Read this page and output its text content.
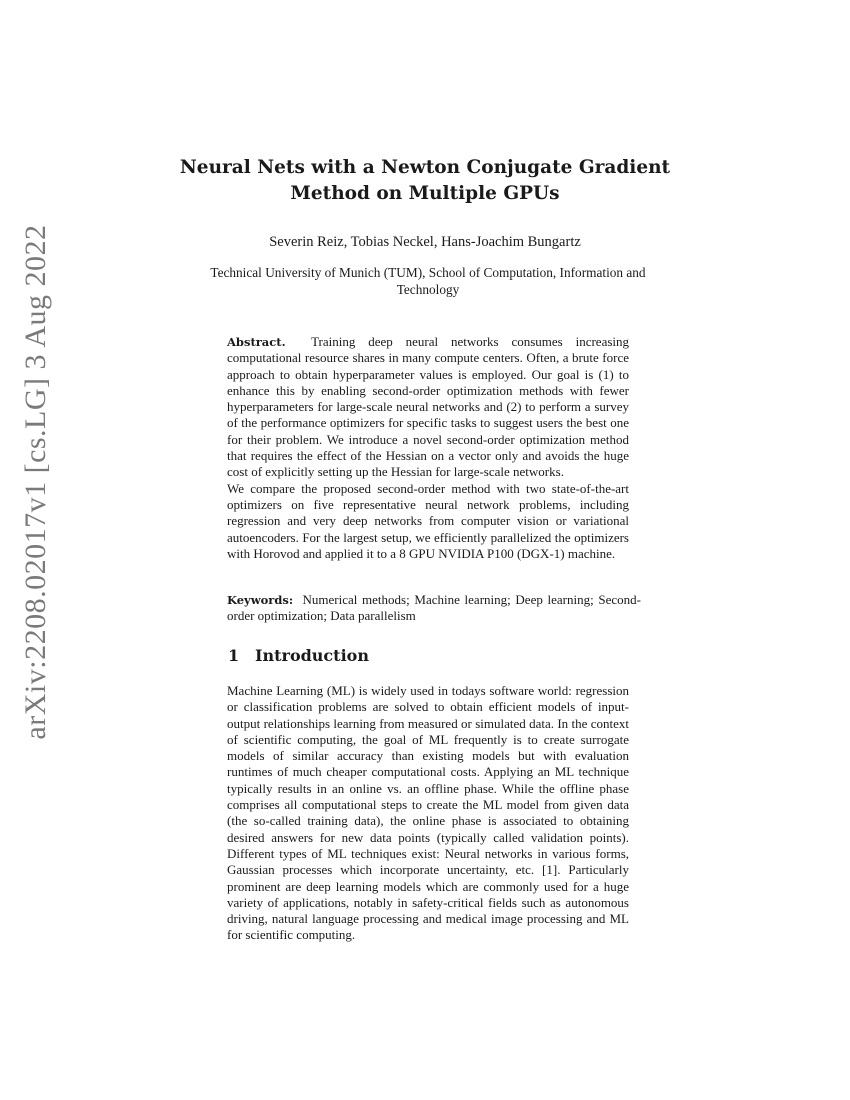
arXiv:2208.02017v1 [cs.LG] 3 Aug 2022
Neural Nets with a Newton Conjugate Gradient
Method on Multiple GPUs
Severin Reiz, Tobias Neckel, Hans-Joachim Bungartz
Technical University of Munich (TUM), School of Computation, Information and Technology

Abstract. Training deep neural networks consumes increasing computational resource shares in many compute centers. Often, a brute force approach to obtain hyperparameter values is employed. Our goal is (1) to enhance this by enabling second-order optimization methods with fewer hyperparameters for large-scale neural networks and (2) to perform a survey of the performance optimizers for specific tasks to suggest users the best one for their problem. We introduce a novel second-order optimization method that requires the effect of the Hessian on a vector only and avoids the huge cost of explicitly setting up the Hessian for large-scale networks.

We compare the proposed second-order method with two state-of-the-art optimizers on five representative neural network problems, including regression and very deep networks from computer vision or variational autoencoders. For the largest setup, we efficiently parallelized the optimizers with Horovod and applied it to a 8 GPU NVIDIA P100 (DGX-1) machine.

Keywords: Numerical methods; Machine learning; Deep learning; Second-order optimization; Data parallelism

1 Introduction

Machine Learning (ML) is widely used in todays software world: regression or classification problems are solved to obtain efficient models of input-output relationships learning from measured or simulated data. In the context of scientific computing, the goal of ML frequently is to create surrogate models of similar accuracy than existing models but with evaluation runtimes of much cheaper computational costs. Applying an ML technique typically results in an online vs. an offline phase. While the offline phase comprises all computational steps to create the ML model from given data (the so-called training data), the online phase is associated to obtaining desired answers for new data points (typically called validation points). Different types of ML techniques exist: Neural networks in various forms, Gaussian processes which incorporate uncertainty, etc. [1]. Particularly prominent are deep learning models which are commonly used for a huge variety of applications, notably in safety-critical fields such as autonomous driving, natural language processing and medical image processing and ML for scientific computing.
